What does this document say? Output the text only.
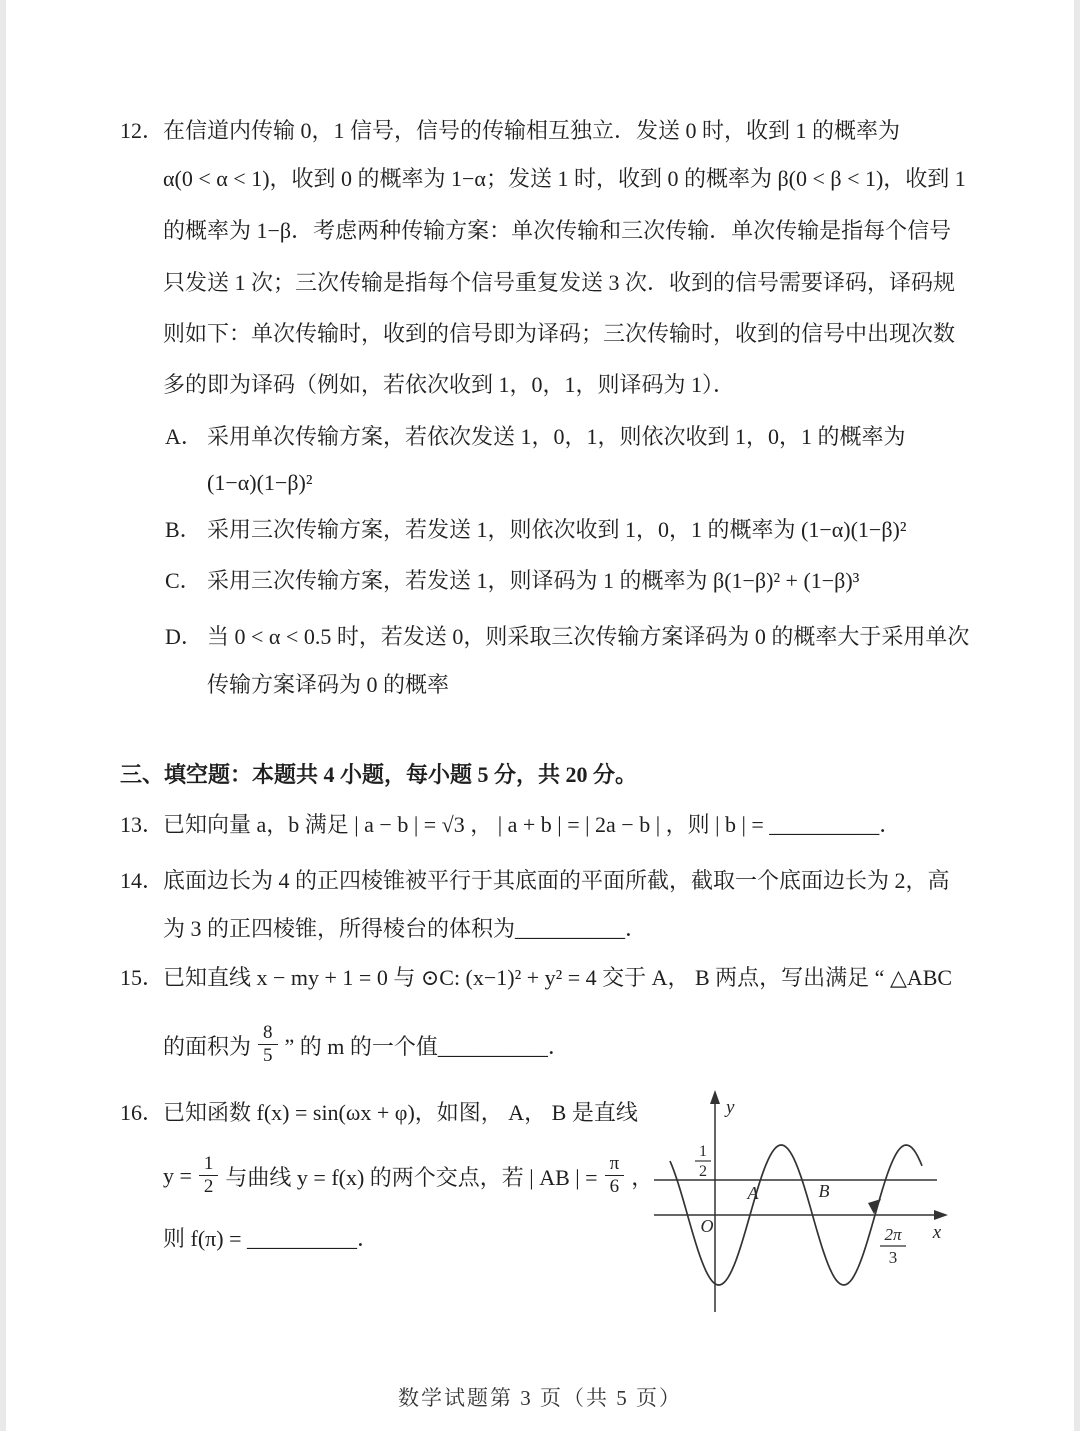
12．在信道内传输 0，1 信号，信号的传输相互独立．发送 0 时，收到 1 的概率为
α(0 < α < 1)，收到 0 的概率为 1−α；发送 1 时，收到 0 的概率为 β(0 < β < 1)，收到 1
的概率为 1−β．考虑两种传输方案：单次传输和三次传输．单次传输是指每个信号
只发送 1 次；三次传输是指每个信号重复发送 3 次．收到的信号需要译码，译码规
则如下：单次传输时，收到的信号即为译码；三次传输时，收到的信号中出现次数
多的即为译码（例如，若依次收到 1，0，1，则译码为 1）．
A． 采用单次传输方案，若依次发送 1，0，1，则依次收到 1，0，1 的概率为
(1−α)(1−β)²
B． 采用三次传输方案，若发送 1，则依次收到 1，0，1 的概率为 (1−α)(1−β)²
C． 采用三次传输方案，若发送 1，则译码为 1 的概率为 β(1−β)² + (1−β)³
D． 当 0 < α < 0.5 时，若发送 0，则采取三次传输方案译码为 0 的概率大于采用单次
传输方案译码为 0 的概率
三、填空题：本题共 4 小题，每小题 5 分，共 20 分。
13．已知向量 a，b 满足 | a − b | = √3 ， | a + b | = | 2a − b | ，则 | b | = __________．
14．底面边长为 4 的正四棱锥被平行于其底面的平面所截，截取一个底面边长为 2，高
为 3 的正四棱锥，所得棱台的体积为__________．
15．已知直线 x − my + 1 = 0 与 ⊙C: (x−1)² + y² = 4 交于 A， B 两点，写出满足 “ △ABC
的面积为 $\frac{8}{5}$ ” 的 m 的一个值__________．
16．已知函数 f(x) = sin(ωx + φ)，如图， A， B 是直线
$y = \frac{1}{2}$ 与曲线 y = f(x) 的两个交点，若 | AB | = $\frac{\pi}{6}$ ，
则 f(π) = __________．
y
x
O
A	B
1
2
2π
3
数学试题第 3 页（共 5 页）
